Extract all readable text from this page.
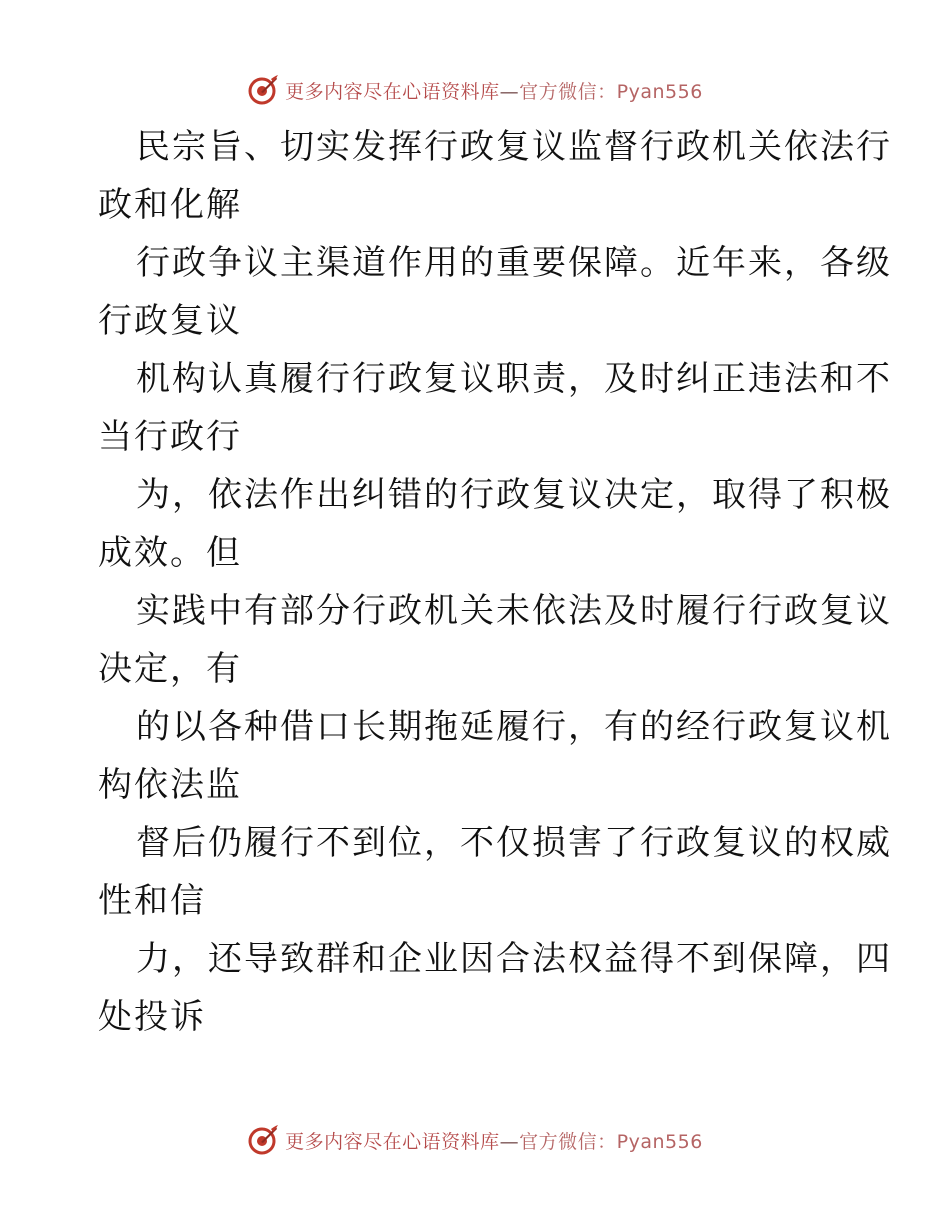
更多内容尽在心语资料库—官方微信：Pyan556
民宗旨、切实发挥行政复议监督行政机关依法行
政和化解
行政争议主渠道作用的重要保障。近年来，各级
行政复议
机构认真履行行政复议职责，及时纠正违法和不
当行政行
为，依法作出纠错的行政复议决定，取得了积极
成效。但
实践中有部分行政机关未依法及时履行行政复议
决定，有
的以各种借口长期拖延履行，有的经行政复议机
构依法监
督后仍履行不到位，不仅损害了行政复议的权威
性和信
力，还导致群和企业因合法权益得不到保障，四
处投诉
更多内容尽在心语资料库—官方微信：Pyan556
